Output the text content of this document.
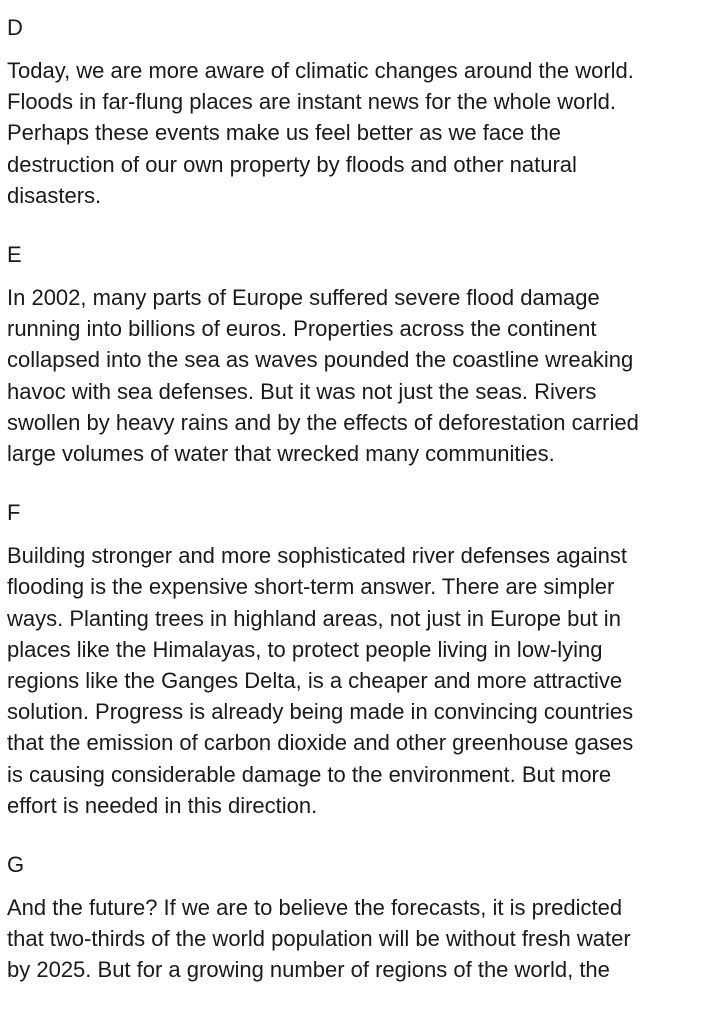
D
Today, we are more aware of climatic changes around the world.
Floods in far-flung places are instant news for the whole world.
Perhaps these events make us feel better as we face the
destruction of our own property by floods and other natural
disasters.
E
In 2002, many parts of Europe suffered severe flood damage
running into billions of euros. Properties across the continent
collapsed into the sea as waves pounded the coastline wreaking
havoc with sea defenses. But it was not just the seas. Rivers
swollen by heavy rains and by the effects of deforestation carried
large volumes of water that wrecked many communities.
F
Building stronger and more sophisticated river defenses against
flooding is the expensive short-term answer. There are simpler
ways. Planting trees in highland areas, not just in Europe but in
places like the Himalayas, to protect people living in low-lying
regions like the Ganges Delta, is a cheaper and more attractive
solution. Progress is already being made in convincing countries
that the emission of carbon dioxide and other greenhouse gases
is causing considerable damage to the environment. But more
effort is needed in this direction.
G
And the future? If we are to believe the forecasts, it is predicted
that two-thirds of the world population will be without fresh water
by 2025. But for a growing number of regions of the world, the
